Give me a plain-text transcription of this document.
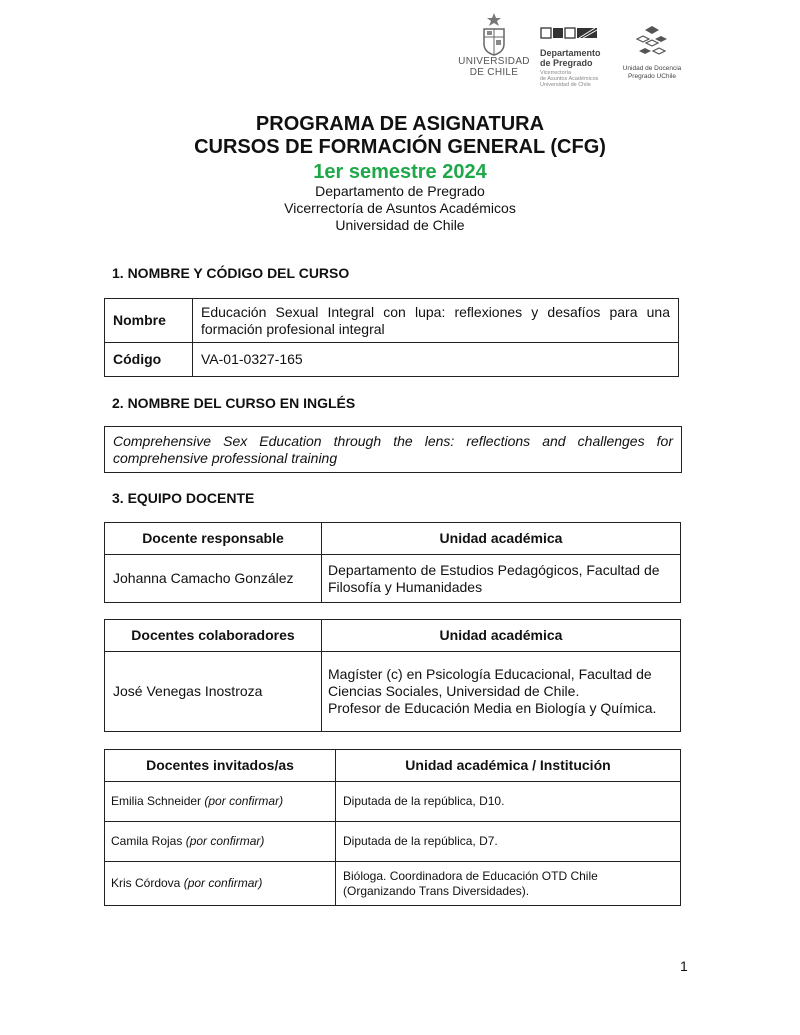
UNIVERSIDAD
DE CHILE
Departamento
de Pregrado
Vicerrectoría
de Asuntos Académicos
Universidad de Chile
Unidad de Docencia
Pregrado UChile
PROGRAMA DE ASIGNATURA
CURSOS DE FORMACIÓN GENERAL (CFG)
1er semestre 2024
Departamento de Pregrado
Vicerrectoría de Asuntos Académicos
Universidad de Chile
1. NOMBRE Y CÓDIGO DEL CURSO
Nombre	Educación Sexual Integral con lupa: reflexiones y desafíos para una formación profesional integral
Código	VA-01-0327-165
2. NOMBRE DEL CURSO EN INGLÉS
Comprehensive Sex Education through the lens: reflections and challenges for comprehensive professional training
3. EQUIPO DOCENTE
Docente responsable	Unidad académica
Johanna Camacho González	Departamento de Estudios Pedagógicos, Facultad de Filosofía y Humanidades
Docentes colaboradores	Unidad académica
José Venegas Inostroza	Magíster (c) en Psicología Educacional, Facultad de Ciencias Sociales, Universidad de Chile.
Profesor de Educación Media en Biología y Química.
Docentes invitados/as	Unidad académica / Institución
Emilia Schneider (por confirmar)	Diputada de la república, D10.
Camila Rojas (por confirmar)	Diputada de la república, D7.
Kris Córdova (por confirmar)	Bióloga. Coordinadora de Educación OTD Chile (Organizando Trans Diversidades).
1
